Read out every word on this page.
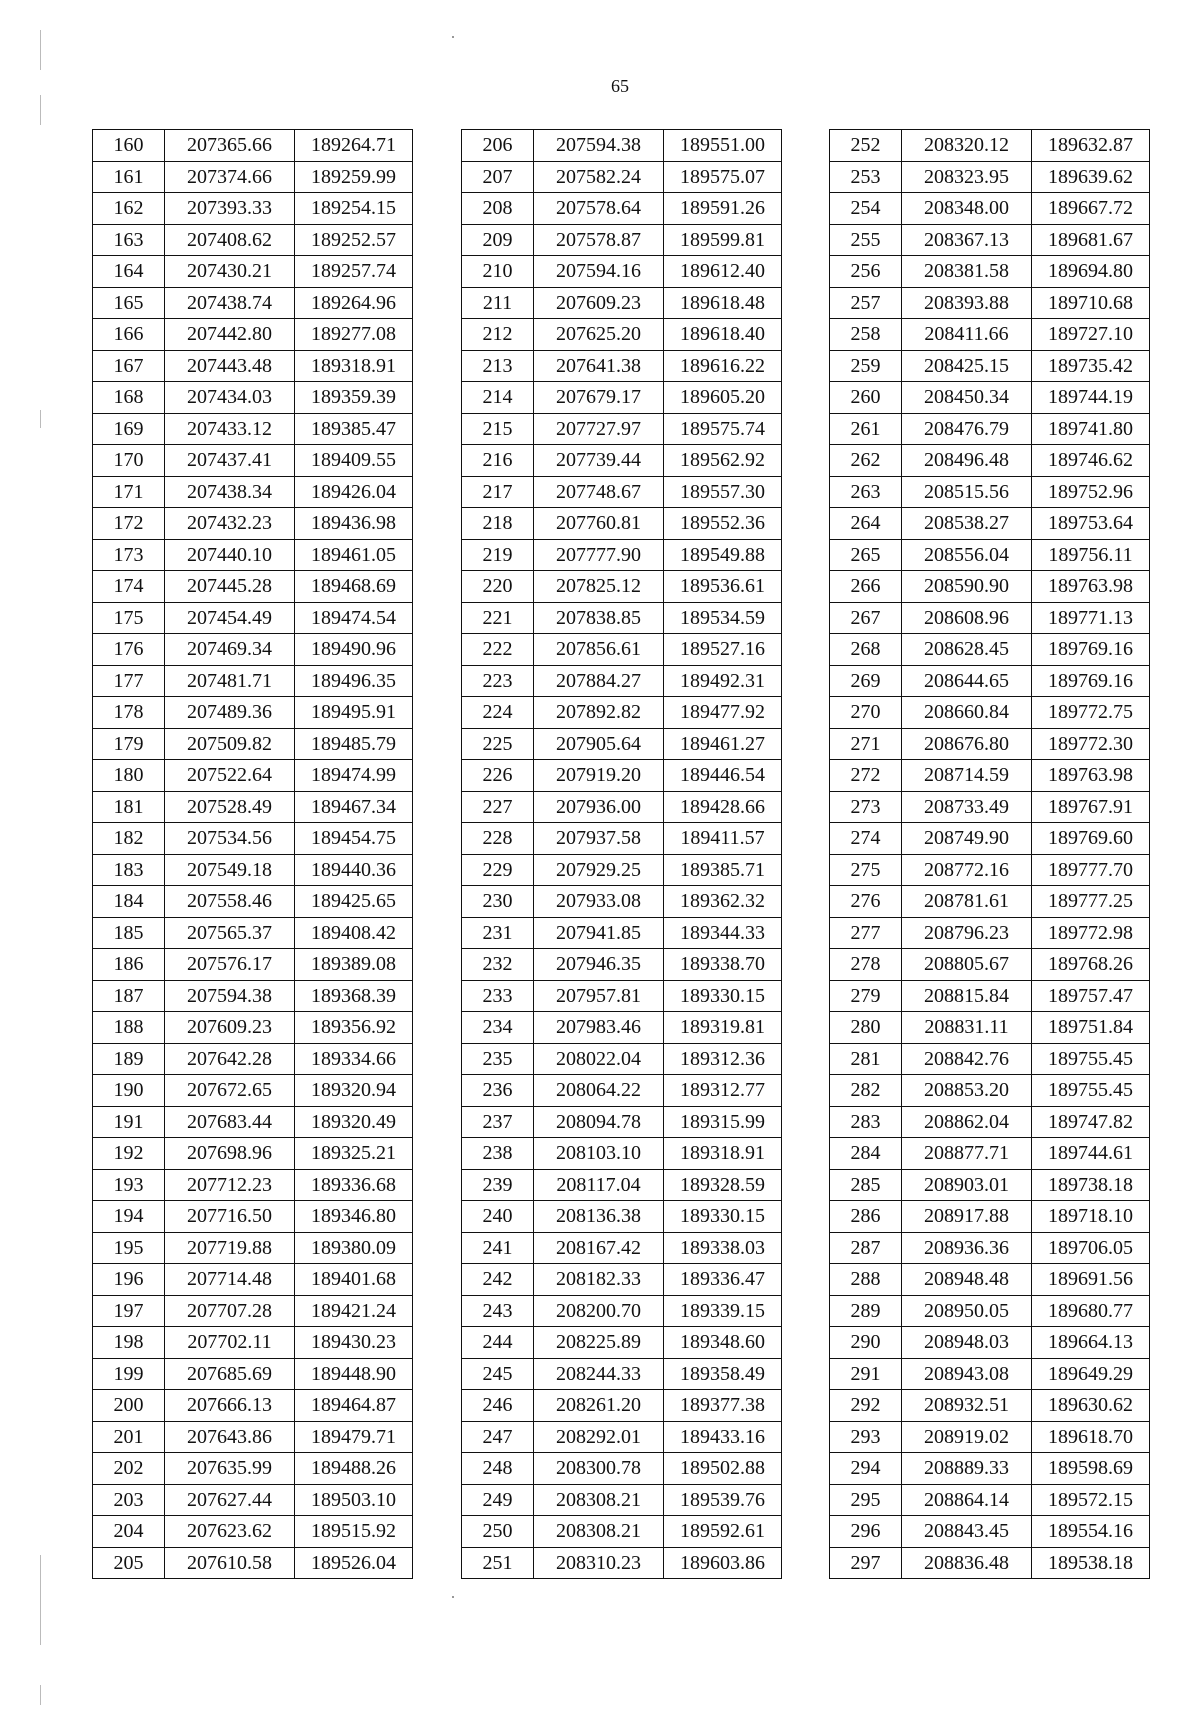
65
160	207365.66	189264.71
161	207374.66	189259.99
162	207393.33	189254.15
163	207408.62	189252.57
164	207430.21	189257.74
165	207438.74	189264.96
166	207442.80	189277.08
167	207443.48	189318.91
168	207434.03	189359.39
169	207433.12	189385.47
170	207437.41	189409.55
171	207438.34	189426.04
172	207432.23	189436.98
173	207440.10	189461.05
174	207445.28	189468.69
175	207454.49	189474.54
176	207469.34	189490.96
177	207481.71	189496.35
178	207489.36	189495.91
179	207509.82	189485.79
180	207522.64	189474.99
181	207528.49	189467.34
182	207534.56	189454.75
183	207549.18	189440.36
184	207558.46	189425.65
185	207565.37	189408.42
186	207576.17	189389.08
187	207594.38	189368.39
188	207609.23	189356.92
189	207642.28	189334.66
190	207672.65	189320.94
191	207683.44	189320.49
192	207698.96	189325.21
193	207712.23	189336.68
194	207716.50	189346.80
195	207719.88	189380.09
196	207714.48	189401.68
197	207707.28	189421.24
198	207702.11	189430.23
199	207685.69	189448.90
200	207666.13	189464.87
201	207643.86	189479.71
202	207635.99	189488.26
203	207627.44	189503.10
204	207623.62	189515.92
205	207610.58	189526.04
206	207594.38	189551.00
207	207582.24	189575.07
208	207578.64	189591.26
209	207578.87	189599.81
210	207594.16	189612.40
211	207609.23	189618.48
212	207625.20	189618.40
213	207641.38	189616.22
214	207679.17	189605.20
215	207727.97	189575.74
216	207739.44	189562.92
217	207748.67	189557.30
218	207760.81	189552.36
219	207777.90	189549.88
220	207825.12	189536.61
221	207838.85	189534.59
222	207856.61	189527.16
223	207884.27	189492.31
224	207892.82	189477.92
225	207905.64	189461.27
226	207919.20	189446.54
227	207936.00	189428.66
228	207937.58	189411.57
229	207929.25	189385.71
230	207933.08	189362.32
231	207941.85	189344.33
232	207946.35	189338.70
233	207957.81	189330.15
234	207983.46	189319.81
235	208022.04	189312.36
236	208064.22	189312.77
237	208094.78	189315.99
238	208103.10	189318.91
239	208117.04	189328.59
240	208136.38	189330.15
241	208167.42	189338.03
242	208182.33	189336.47
243	208200.70	189339.15
244	208225.89	189348.60
245	208244.33	189358.49
246	208261.20	189377.38
247	208292.01	189433.16
248	208300.78	189502.88
249	208308.21	189539.76
250	208308.21	189592.61
251	208310.23	189603.86
252	208320.12	189632.87
253	208323.95	189639.62
254	208348.00	189667.72
255	208367.13	189681.67
256	208381.58	189694.80
257	208393.88	189710.68
258	208411.66	189727.10
259	208425.15	189735.42
260	208450.34	189744.19
261	208476.79	189741.80
262	208496.48	189746.62
263	208515.56	189752.96
264	208538.27	189753.64
265	208556.04	189756.11
266	208590.90	189763.98
267	208608.96	189771.13
268	208628.45	189769.16
269	208644.65	189769.16
270	208660.84	189772.75
271	208676.80	189772.30
272	208714.59	189763.98
273	208733.49	189767.91
274	208749.90	189769.60
275	208772.16	189777.70
276	208781.61	189777.25
277	208796.23	189772.98
278	208805.67	189768.26
279	208815.84	189757.47
280	208831.11	189751.84
281	208842.76	189755.45
282	208853.20	189755.45
283	208862.04	189747.82
284	208877.71	189744.61
285	208903.01	189738.18
286	208917.88	189718.10
287	208936.36	189706.05
288	208948.48	189691.56
289	208950.05	189680.77
290	208948.03	189664.13
291	208943.08	189649.29
292	208932.51	189630.62
293	208919.02	189618.70
294	208889.33	189598.69
295	208864.14	189572.15
296	208843.45	189554.16
297	208836.48	189538.18
